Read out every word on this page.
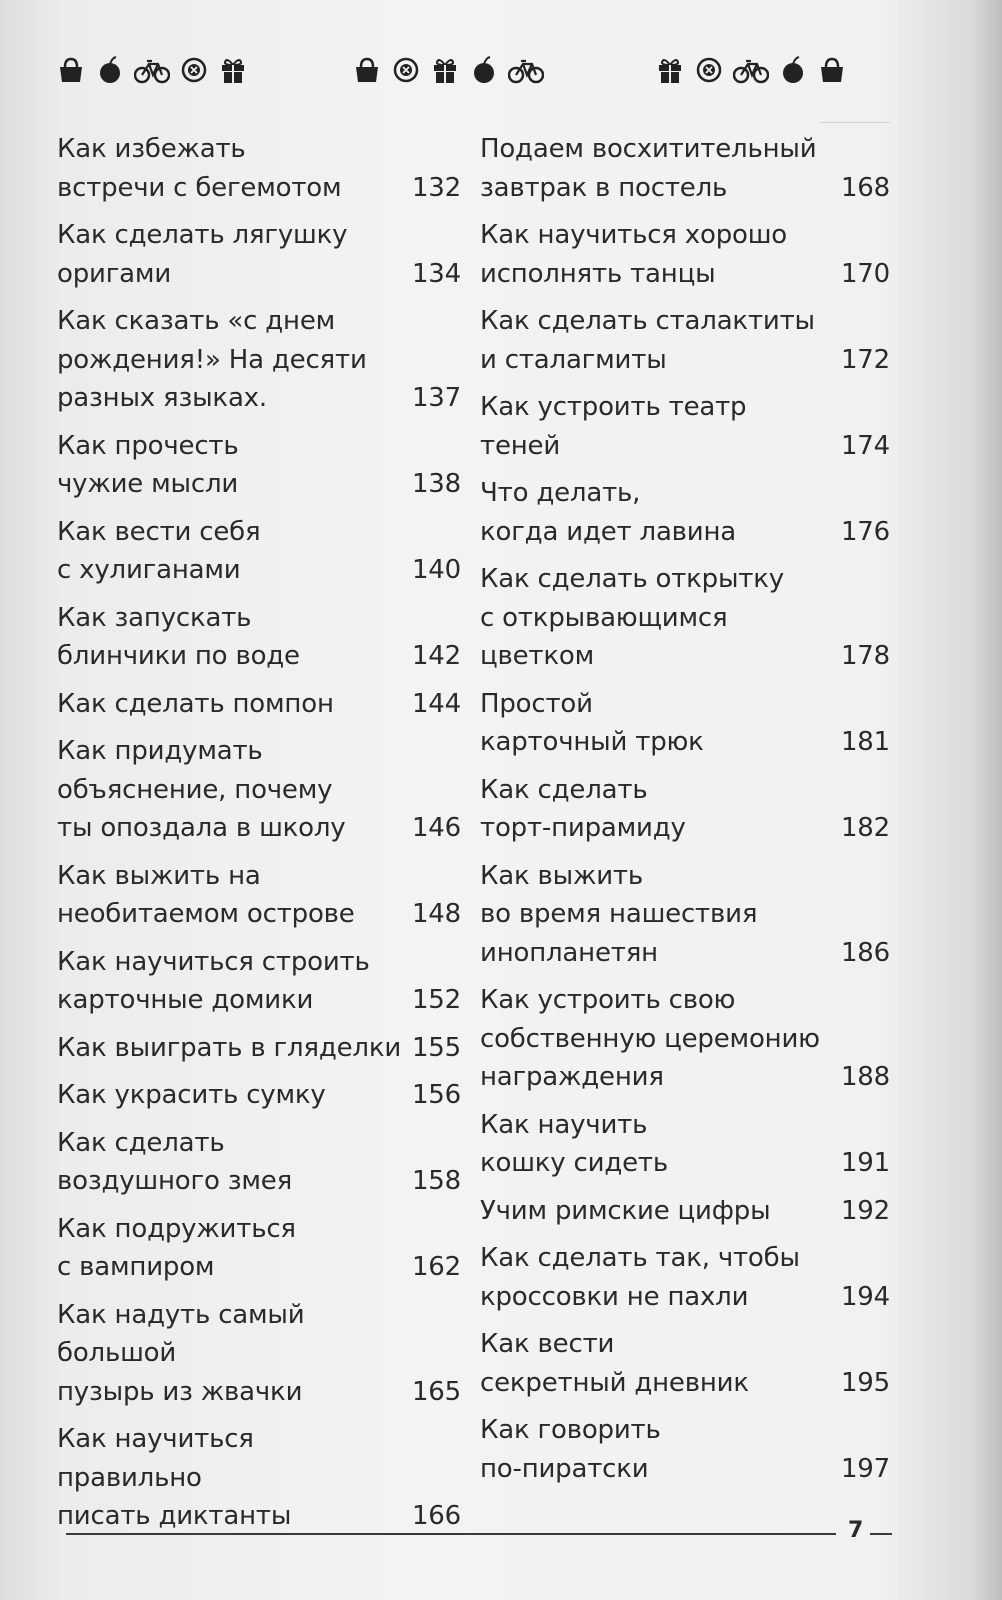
Как избежать
встречи с бегемотом	132
Как сделать лягушку
оригами	134
Как сказать «с днем
рождения!» На десяти
разных языках.	137
Как прочесть
чужие мысли	138
Как вести себя
с хулиганами	140
Как запускать
блинчики по воде	142
Как сделать помпон	144
Как придумать
объяснение, почему
ты опоздала в школу	146
Как выжить на
необитаемом острове	148
Как научиться строить
карточные домики	152
Как выиграть в гляделки 155
Как украсить сумку	156
Как сделать
воздушного змея	158
Как подружиться
с вампиром	162
Как надуть самый большой
пузырь из жвачки	165
Как научиться правильно
писать диктанты	166
Подаем восхитительный
завтрак в постель	168
Как научиться хорошо
исполнять танцы	170
Как сделать сталактиты
и сталагмиты	172
Как устроить театр теней	174
Что делать,
когда идет лавина	176
Как сделать открытку
с открывающимся
цветком	178
Простой
карточный трюк	181
Как сделать
торт-пирамиду	182
Как выжить
во время нашествия
инопланетян	186
Как устроить свою
собственную церемонию
награждения	188
Как научить
кошку сидеть	191
Учим римские цифры	192
Как сделать так, чтобы
кроссовки не пахли	194
Как вести
секретный дневник	195
Как говорить
по-пиратски	197
7
